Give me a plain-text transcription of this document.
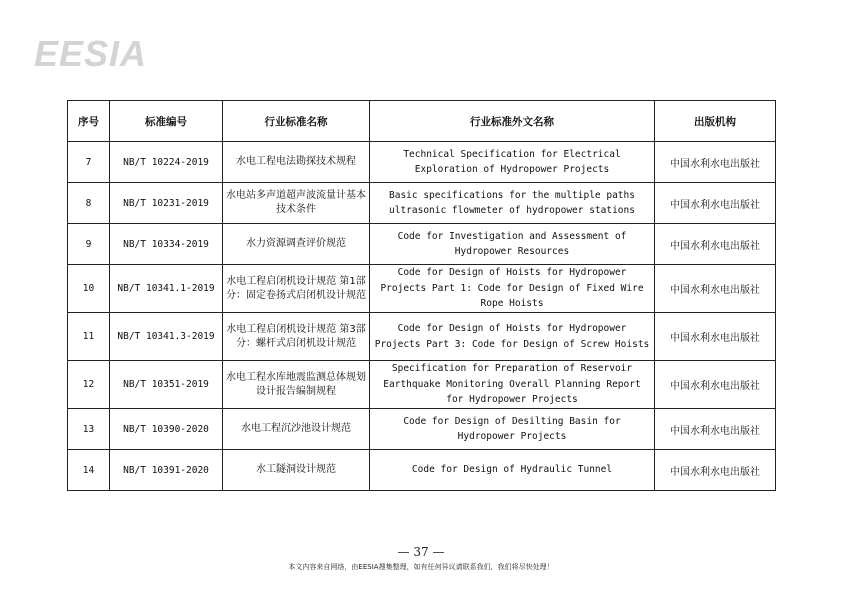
EESIA
序号	标准编号	行业标准名称	行业标准外文名称	出版机构
7	NB/T 10224-2019	水电工程电法勘探技术规程	Technical Specification for Electrical Exploration of Hydropower Projects	中国水利水电出版社
8	NB/T 10231-2019	水电站多声道超声波流量计基本技术条件	Basic specifications for the multiple paths ultrasonic flowmeter of hydropower stations	中国水利水电出版社
9	NB/T 10334-2019	水力资源调查评价规范	Code for Investigation and Assessment of Hydropower Resources	中国水利水电出版社
10	NB/T 10341.1-2019	水电工程启闭机设计规范 第1部分：固定卷扬式启闭机设计规范	Code for Design of Hoists for Hydropower Projects Part 1: Code for Design of Fixed Wire Rope Hoists	中国水利水电出版社
11	NB/T 10341.3-2019	水电工程启闭机设计规范 第3部分：螺杆式启闭机设计规范	Code for Design of Hoists for Hydropower Projects Part 3: Code for Design of Screw Hoists	中国水利水电出版社
12	NB/T 10351-2019	水电工程水库地震监测总体规划设计报告编制规程	Specification for Preparation of Reservoir Earthquake Monitoring Overall Planning Report for Hydropower Projects	中国水利水电出版社
13	NB/T 10390-2020	水电工程沉沙池设计规范	Code for Design of Desilting Basin for Hydropower Projects	中国水利水电出版社
14	NB/T 10391-2020	水工隧洞设计规范	Code for Design of Hydraulic Tunnel	中国水利水电出版社
— 37 —
本文内容来自网络，由EESIA搜集整理，如有任何异议请联系我们，我们将尽快处理！
